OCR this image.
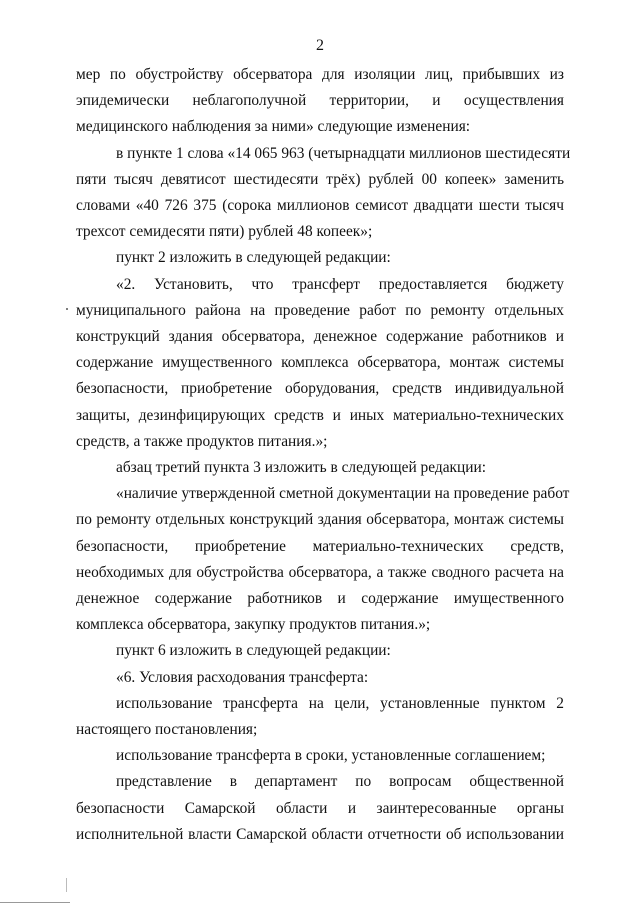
2

мер по обустройству обсерватора для изоляции лиц, прибывших из
эпидемически неблагополучной территории, и осуществления
медицинского наблюдения за ними» следующие изменения:

в пункте 1 слова «14 065 963 (четырнадцати миллионов шестидесяти
пяти тысяч девятисот шестидесяти трёх) рублей 00 копеек» заменить
словами «40 726 375 (сорока миллионов семисот двадцати шести тысяч
трехсот семидесяти пяти) рублей 48 копеек»;

пункт 2 изложить в следующей редакции:

«2. Установить, что трансферт предоставляется бюджету
муниципального района на проведение работ по ремонту отдельных
конструкций здания обсерватора, денежное содержание работников и
содержание имущественного комплекса обсерватора, монтаж системы
безопасности, приобретение оборудования, средств индивидуальной
защиты, дезинфицирующих средств и иных материально-технических
средств, а также продуктов питания.»;

абзац третий пункта 3 изложить в следующей редакции:

«наличие утвержденной сметной документации на проведение работ
по ремонту отдельных конструкций здания обсерватора, монтаж системы
безопасности, приобретение материально-технических средств,
необходимых для обустройства обсерватора, а также сводного расчета на
денежное содержание работников и содержание имущественного
комплекса обсерватора, закупку продуктов питания.»;

пункт 6 изложить в следующей редакции:

«6. Условия расходования трансферта:

использование трансферта на цели, установленные пунктом 2
настоящего постановления;

использование трансферта в сроки, установленные соглашением;

представление в департамент по вопросам общественной
безопасности Самарской области и заинтересованные органы
исполнительной власти Самарской области отчетности об использовании
